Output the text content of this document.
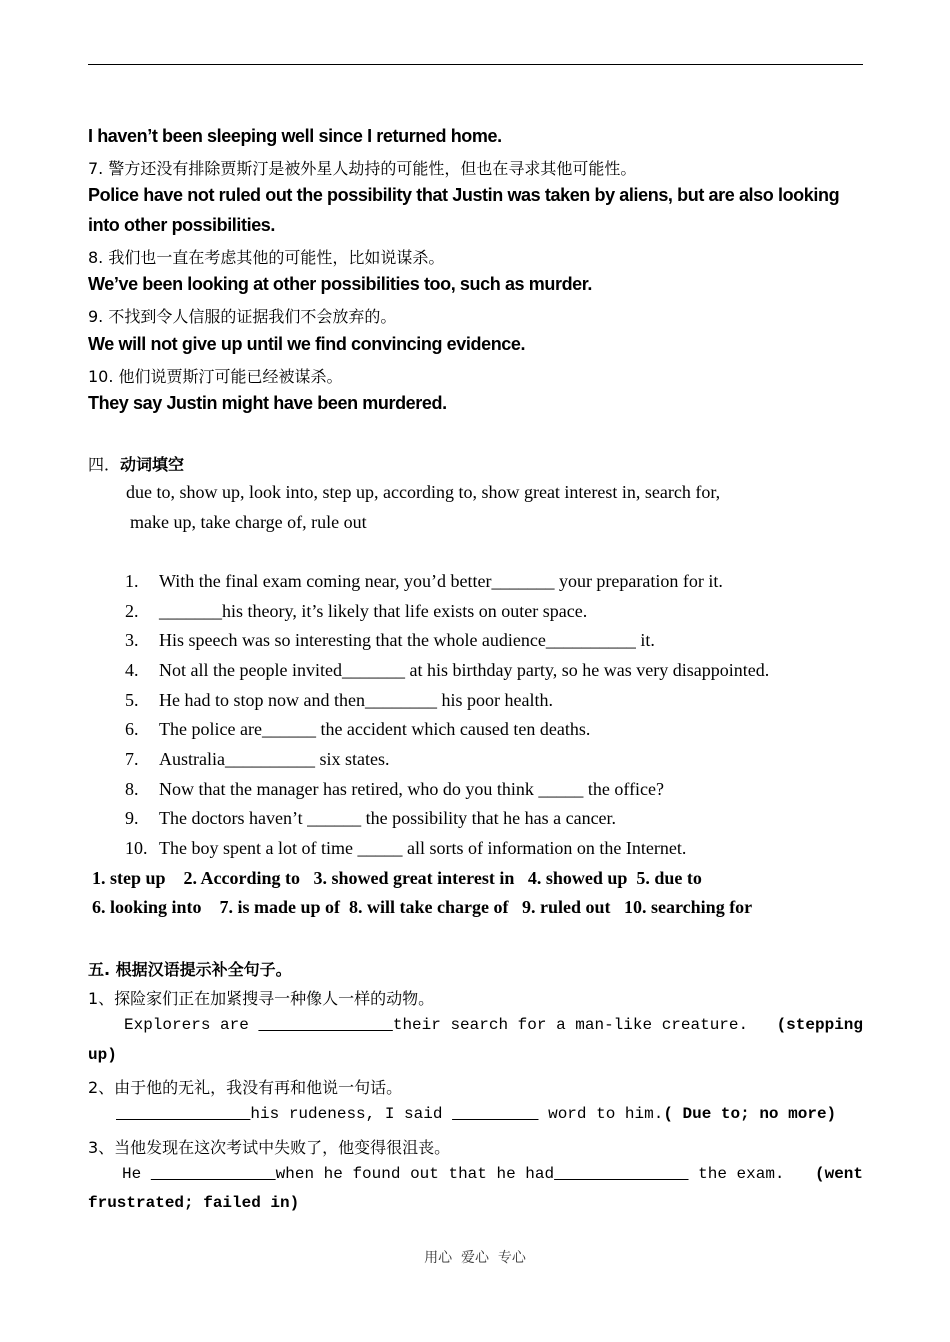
I haven’t been sleeping well since I returned home.
7. 警方还没有排除贾斯汀是被外星人劫持的可能性，但也在寻求其他可能性。
Police have not ruled out the possibility that Justin was taken by aliens, but are also looking
into other possibilities.
8. 我们也一直在考虑其他的可能性，比如说谋杀。
We’ve been looking at other possibilities too, such as murder.
9. 不找到令人信服的证据我们不会放弃的。
We will not give up until we find convincing evidence.
10. 他们说贾斯汀可能已经被谋杀。
They say Justin might have been murdered.
四．动词填空
due to, show up, look into, step up, according to, show great interest in, search for,
make up, take charge of, rule out
1. With the final exam coming near, you’d better_______ your preparation for it.
2. _______his theory, it’s likely that life exists on outer space.
3. His speech was so interesting that the whole audience__________ it.
4. Not all the people invited_______ at his birthday party, so he was very disappointed.
5. He had to stop now and then________ his poor health.
6. The police are______ the accident which caused ten deaths.
7. Australia__________ six states.
8. Now that the manager has retired, who do you think _____ the office?
9. The doctors haven’t ______ the possibility that he has a cancer.
10. The boy spent a lot of time _____ all sorts of information on the Internet.
1. step up    2. According to   3. showed great interest in   4. showed up  5. due to
6. looking into    7. is made up of  8. will take charge of   9. ruled out   10. searching for
五. 根据汉语提示补全句子。
1、探险家们正在加紧搜寻一种像人一样的动物。
Explorers are	their search for a man-like creature. (stepping
up)
2、由于他的无礼，我没有再和他说一句话。
his rudeness, I said	word to him.( Due to; no more)
3、当他发现在这次考试中失败了，他变得很沮丧。
He	when he found out that he had	the exam. (went
frustrated; failed in)
用心  爱心  专心
